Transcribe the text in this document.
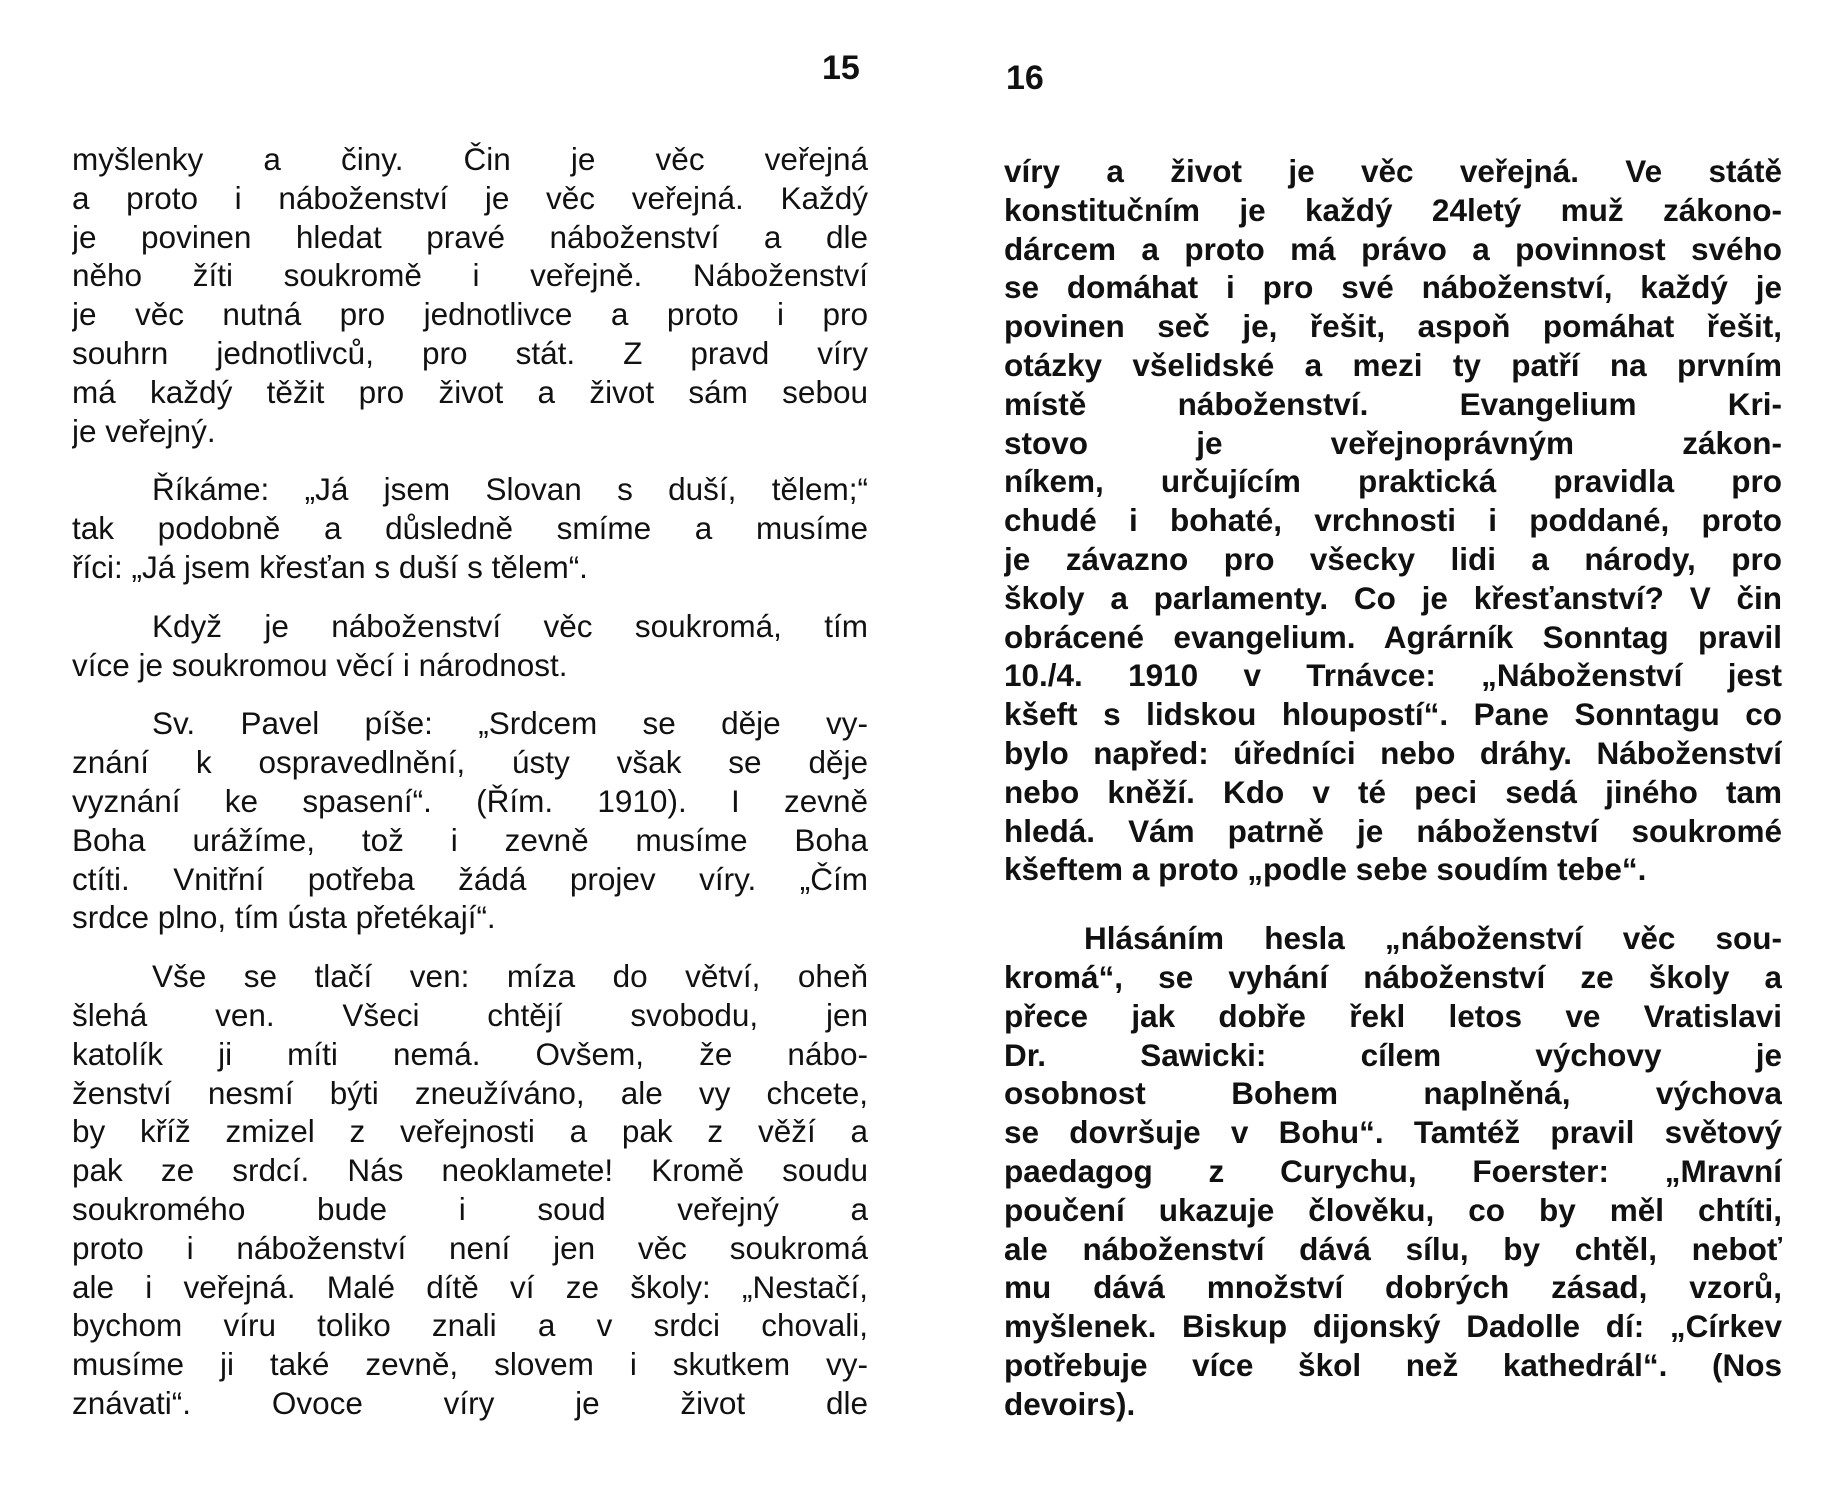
15	16
myšlenky a činy. Čin je věc veřejná
a proto i náboženství je věc veřejná. Každý
je povinen hledat pravé náboženství a dle
něho žíti soukromě i veřejně. Náboženství
je věc nutná pro jednotlivce a proto i pro
souhrn jednotlivců, pro stát. Z pravd víry
má každý těžit pro život a život sám sebou
je veřejný.
Říkáme: „Já jsem Slovan s duší, tělem;“
tak podobně a důsledně smíme a musíme
říci: „Já jsem křesťan s duší s tělem“.
Když je náboženství věc soukromá, tím
více je soukromou věcí i národnost.
Sv. Pavel píše: „Srdcem se děje vy-
znání k ospravedlnění, ústy však se děje
vyznání ke spasení“. (Řím. 1910). I zevně
Boha urážíme, tož i zevně musíme Boha
ctíti. Vnitřní potřeba žádá projev víry. „Čím
srdce plno, tím ústa přetékají“.
Vše se tlačí ven: míza do větví, oheň
šlehá ven. Všeci chtějí svobodu, jen
katolík ji míti nemá. Ovšem, že nábo-
ženství nesmí býti zneužíváno, ale vy chcete,
by kříž zmizel z veřejnosti a pak z věží a
pak ze srdcí. Nás neoklamete! Kromě soudu
soukromého bude i soud veřejný a
proto i náboženství není jen věc soukromá
ale i veřejná. Malé dítě ví ze školy: „Nestačí,
bychom víru toliko znali a v srdci chovali,
musíme ji také zevně, slovem i skutkem vy-
znávati“. Ovoce víry je život dle
víry a život je věc veřejná. Ve státě
konstitučním je každý 24letý muž zákono-
dárcem a proto má právo a povinnost svého
se domáhat i pro své náboženství, každý je
povinen seč je, řešit, aspoň pomáhat řešit,
otázky všelidské a mezi ty patří na prvním
místě náboženství. Evangelium Kri-
stovo je veřejnoprávným zákon-
níkem, určujícím praktická pravidla pro
chudé i bohaté, vrchnosti i poddané, proto
je závazno pro všecky lidi a národy, pro
školy a parlamenty. Co je křesťanství? V čin
obrácené evangelium. Agrárník Sonntag pravil
10./4. 1910 v Trnávce: „Náboženství jest
kšeft s lidskou hloupostí“. Pane Sonntagu co
bylo napřed: úředníci nebo dráhy. Náboženství
nebo kněží. Kdo v té peci sedá jiného tam
hledá. Vám patrně je náboženství soukromé
kšeftem a proto „podle sebe soudím tebe“.
Hlásáním hesla „náboženství věc sou-
kromá“, se vyhání náboženství ze školy a
přece jak dobře řekl letos ve Vratislavi
Dr. Sawicki: cílem výchovy je
osobnost Bohem naplněná, výchova
se dovršuje v Bohu“. Tamtéž pravil světový
paedagog z Curychu, Foerster: „Mravní
poučení ukazuje člověku, co by měl chtíti,
ale náboženství dává sílu, by chtěl, neboť
mu dává množství dobrých zásad, vzorů,
myšlenek. Biskup dijonský Dadolle dí: „Církev
potřebuje více škol než kathedrál“. (Nos
devoirs).
